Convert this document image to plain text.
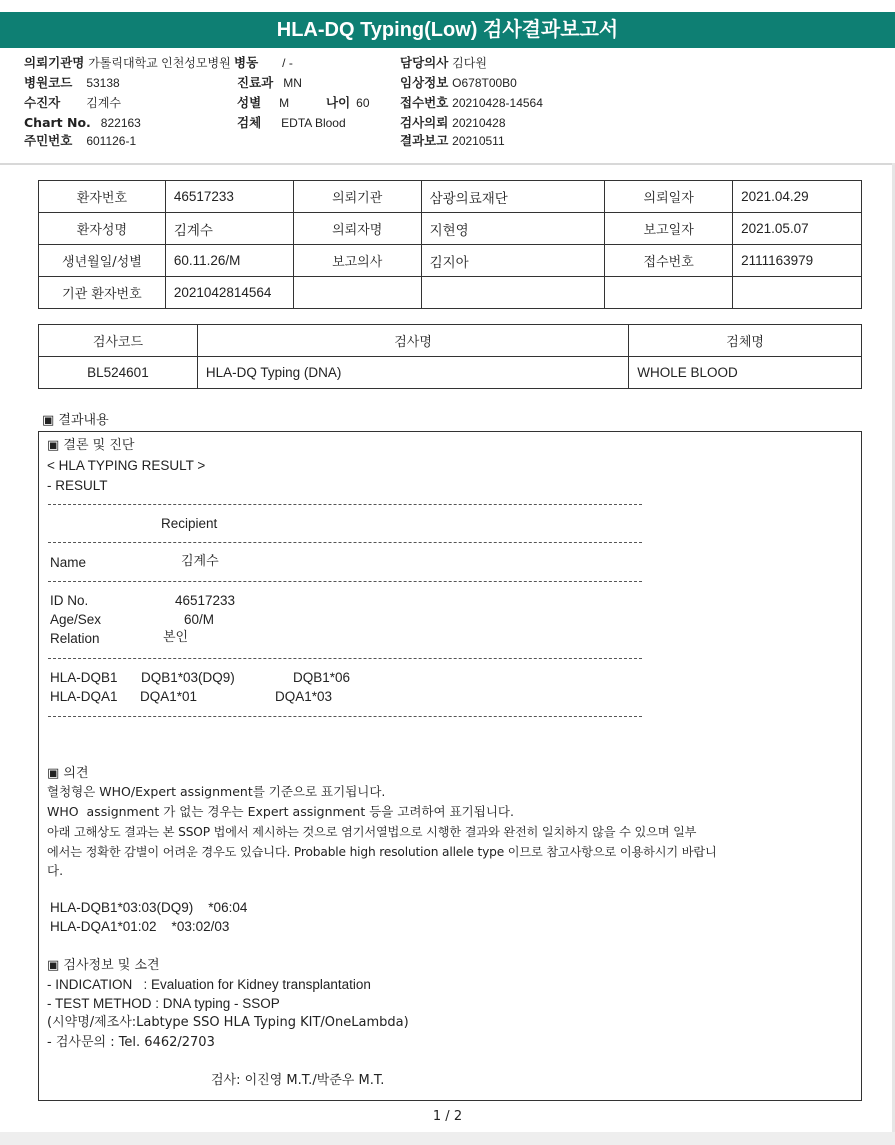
HLA-DQ Typing(Low) 검사결과보고서
의뢰기관명 가톨릭대학교 인천성모병원
병원코드 53138
수진자 김계수
Chart No. 822163
주민번호 601126-1
병동 / -
진료과 MN
성별 M	나이 60
검체 EDTA Blood
담당의사 김다원
임상정보 O678T00B0
접수번호 20210428-14564
검사의뢰 20210428
결과보고 20210511
환자번호	46517233	의뢰기관	삼광의료재단	의뢰일자	2021.04.29
환자성명	김계수	의뢰자명	지현영	보고일자	2021.05.07
생년월일/성별	60.11.26/M	보고의사	김지아	접수번호	2111163979
기관 환자번호	2021042814564				
검사코드	검사명	검체명
BL524601	HLA-DQ Typing (DNA)	WHOLE BLOOD
▣ 결과내용
▣ 결론 및 진단
< HLA TYPING RESULT >
- RESULT
Recipient
Name	김계수
ID No.	46517233
Age/Sex	60/M
Relation	본인
HLA-DQB1 DQB1*03(DQ9)	DQB1*06
HLA-DQA1 DQA1*01	DQA1*03
▣ 의견
혈청형은 WHO/Expert assignment를 기준으로 표기됩니다.
WHO  assignment 가 없는 경우는 Expert assignment 등을 고려하여 표기됩니다.
아래 고해상도 결과는 본 SSOP 법에서 제시하는 것으로 염기서열법으로 시행한 결과와 완전히 일치하지 않을 수 있으며 일부
에서는 정확한 감별이 어려운 경우도 있습니다. Probable high resolution allele type 이므로 참고사항으로 이용하시기 바랍니
다.
HLA-DQB1*03:03(DQ9)    *06:04
HLA-DQA1*01:02    *03:02/03
▣ 검사정보 및 소견
- INDICATION   : Evaluation for Kidney transplantation
- TEST METHOD : DNA typing - SSOP
(시약명/제조사:Labtype SSO HLA Typing KIT/OneLambda)
- 검사문의 : Tel. 6462/2703
검사: 이진영 M.T./박준우 M.T.
1 / 2
